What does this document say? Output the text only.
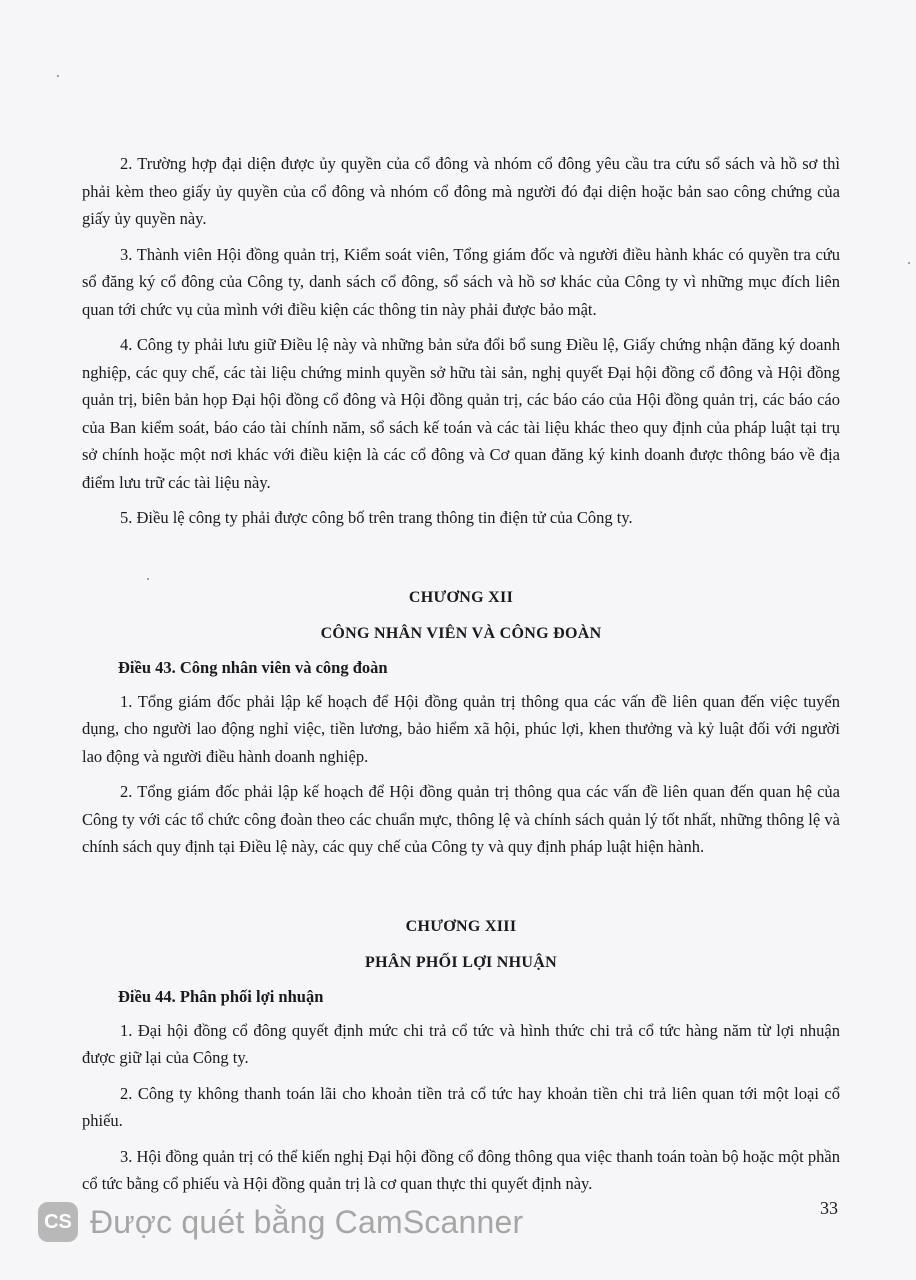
2. Trường hợp đại diện được ủy quyền của cổ đông và nhóm cổ đông yêu cầu tra cứu sổ sách và hồ sơ thì phải kèm theo giấy ủy quyền của cổ đông và nhóm cổ đông mà người đó đại diện hoặc bản sao công chứng của giấy ủy quyền này.

3. Thành viên Hội đồng quản trị, Kiểm soát viên, Tổng giám đốc và người điều hành khác có quyền tra cứu sổ đăng ký cổ đông của Công ty, danh sách cổ đông, sổ sách và hồ sơ khác của Công ty vì những mục đích liên quan tới chức vụ của mình với điều kiện các thông tin này phải được bảo mật.

4. Công ty phải lưu giữ Điều lệ này và những bản sửa đổi bổ sung Điều lệ, Giấy chứng nhận đăng ký doanh nghiệp, các quy chế, các tài liệu chứng minh quyền sở hữu tài sản, nghị quyết Đại hội đồng cổ đông và Hội đồng quản trị, biên bản họp Đại hội đồng cổ đông và Hội đồng quản trị, các báo cáo của Hội đồng quản trị, các báo cáo của Ban kiểm soát, báo cáo tài chính năm, sổ sách kế toán và các tài liệu khác theo quy định của pháp luật tại trụ sở chính hoặc một nơi khác với điều kiện là các cổ đông và Cơ quan đăng ký kinh doanh được thông báo về địa điểm lưu trữ các tài liệu này.

5. Điều lệ công ty phải được công bố trên trang thông tin điện tử của Công ty.

CHƯƠNG XII

CÔNG NHÂN VIÊN VÀ CÔNG ĐOÀN

Điều 43. Công nhân viên và công đoàn

1. Tổng giám đốc phải lập kế hoạch để Hội đồng quản trị thông qua các vấn đề liên quan đến việc tuyển dụng, cho người lao động nghỉ việc, tiền lương, bảo hiểm xã hội, phúc lợi, khen thưởng và kỷ luật đối với người lao động và người điều hành doanh nghiệp.

2. Tổng giám đốc phải lập kế hoạch để Hội đồng quản trị thông qua các vấn đề liên quan đến quan hệ của Công ty với các tổ chức công đoàn theo các chuẩn mực, thông lệ và chính sách quản lý tốt nhất, những thông lệ và chính sách quy định tại Điều lệ này, các quy chế của Công ty và quy định pháp luật hiện hành.

CHƯƠNG XIII

PHÂN PHỐI LỢI NHUẬN

Điều 44. Phân phối lợi nhuận

1. Đại hội đồng cổ đông quyết định mức chi trả cổ tức và hình thức chi trả cổ tức hàng năm từ lợi nhuận được giữ lại của Công ty.

2. Công ty không thanh toán lãi cho khoản tiền trả cổ tức hay khoản tiền chi trả liên quan tới một loại cổ phiếu.

3. Hội đồng quản trị có thể kiến nghị Đại hội đồng cổ đông thông qua việc thanh toán toàn bộ hoặc một phần cổ tức bằng cổ phiếu và Hội đồng quản trị là cơ quan thực thi quyết định này.

33
CS Được quét bằng CamScanner
